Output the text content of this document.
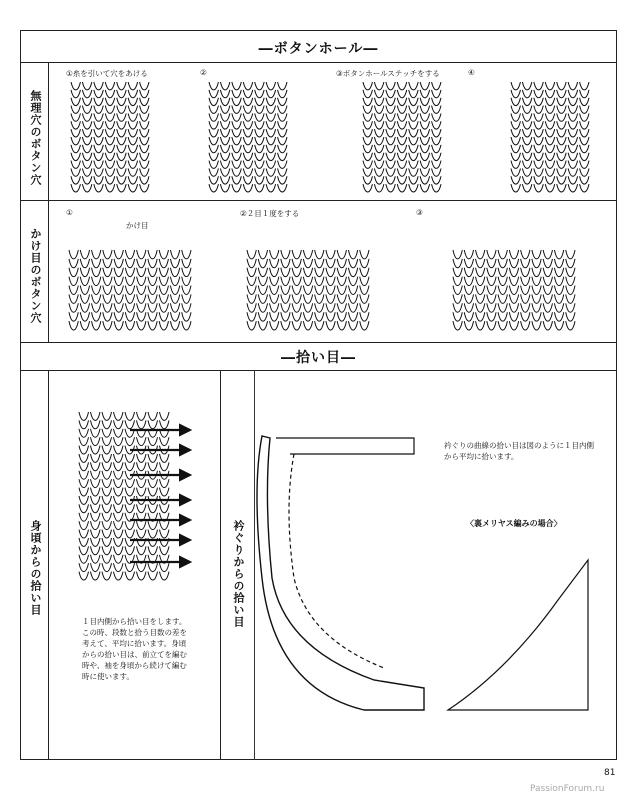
―ボタンホール―
―拾い目―
無理穴のボタン穴
かけ目のボタン穴
身頃からの拾い目	衿ぐりからの拾い目
①糸を引いて穴をあける	②	③ボタンホールステッチをする	④
①	②２目１度をする	③
かけ目
１目内側から拾い目をします。
この時、段数と拾う目数の差を
考えて、平均に拾います。身頃
からの拾い目は、前立てを編む
時や、袖を身頃から続けて編む
時に使います。
衿ぐりの曲線の拾い目は図のように１目内側
から平均に拾います。
〈裏メリヤス編みの場合〉
81
PassionForum.ru
